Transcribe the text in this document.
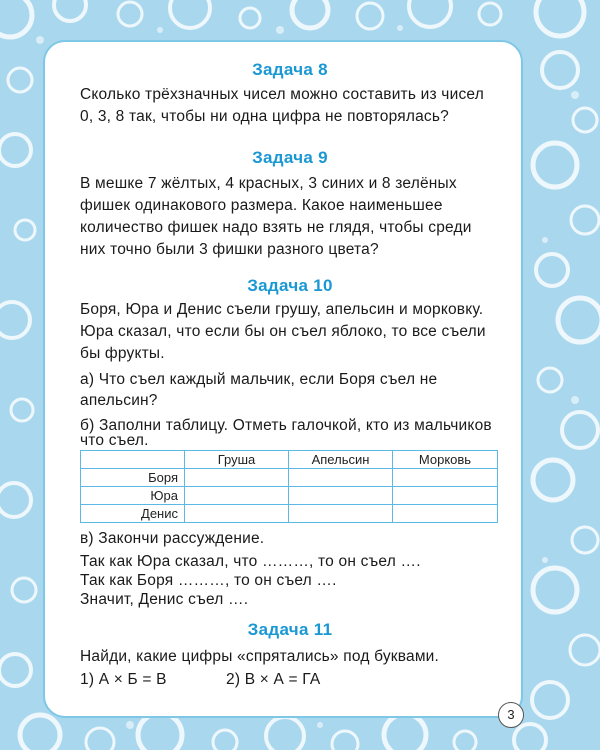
Задача 8
Сколько трёхзначных чисел можно составить из чисел
0, 3, 8 так, чтобы ни одна цифра не повторялась?
Задача 9
В мешке 7 жёлтых, 4 красных, 3 синих и 8 зелёных
фишек одинакового размера. Какое наименьшее
количество фишек надо взять не глядя, чтобы среди
них точно были 3 фишки разного цвета?
Задача 10
Боря, Юра и Денис съели грушу, апельсин и морковку.
Юра сказал, что если бы он съел яблоко, то все съели
бы фрукты.
а) Что съел каждый мальчик, если Боря съел не
апельсин?
б) Заполни таблицу. Отметь галочкой, кто из мальчиков
что съел.
в) Закончи рассуждение.
Так как Юра сказал, что ………, то он съел ….
Так как Боря ………, то он съел ….
Значит, Денис съел ….
	Груша	Апельсин	Морковь
Боря			
Юра			
Денис			
Задача 11
Найди, какие цифры «спрятались» под буквами.
1) А × Б = В	2) В × А = ГА
3
